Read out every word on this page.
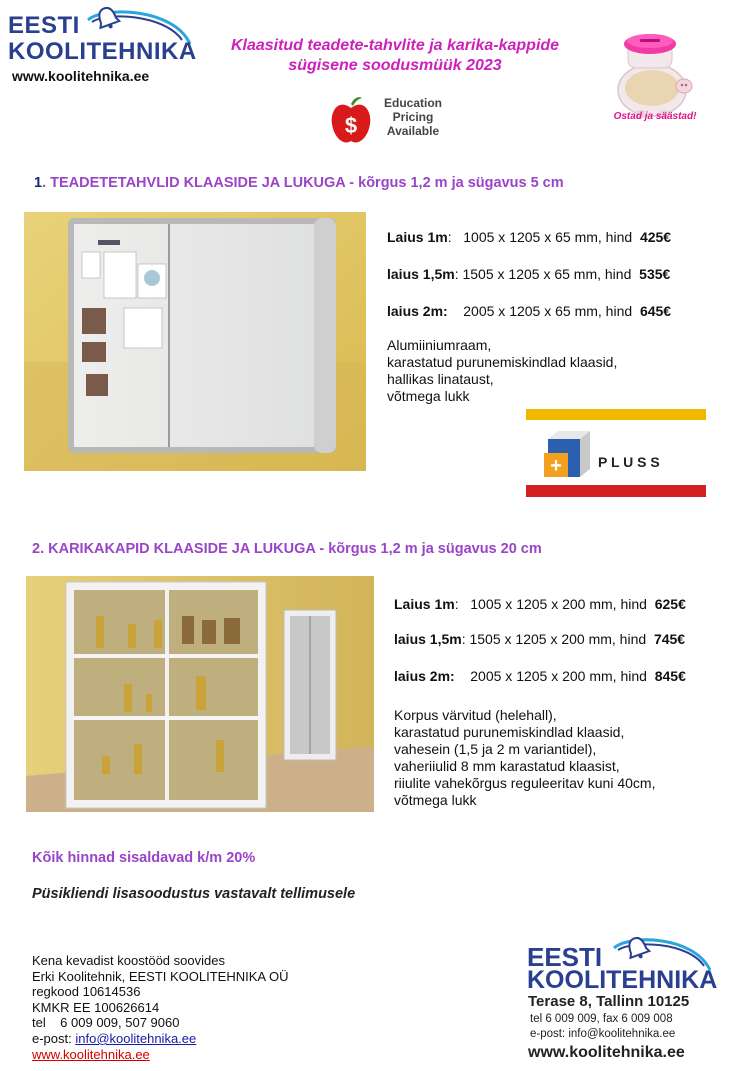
EESTI
KOOLITEHNIKA
www.koolitehnika.ee
Klaasitud teadete-tahvlite ja karika-kappide
sügisene soodusmüük 2023
Ostad ja säästad!
$
Education
Pricing
Available
1. TEADETETAHVLID KLAASIDE JA LUKUGA - kõrgus 1,2 m ja sügavus 5 cm
Laius 1m:   1005 x 1205 x 65 mm, hind  425€
laius 1,5m: 1505 x 1205 x 65 mm, hind  535€
laius 2m: 2005 x 1205 x 65 mm, hind  645€
Alumiiniumraam,
karastatud purunemiskindlad klaasid,
hallikas linataust,
võtmega lukk
+	P L U S S
2. KARIKAKAPID KLAASIDE JA LUKUGA - kõrgus 1,2 m ja sügavus 20 cm
Laius 1m:   1005 x 1205 x 200 mm, hind  625€
laius 1,5m: 1505 x 1205 x 200 mm, hind  745€
laius 2m: 2005 x 1205 x 200 mm, hind  845€
Korpus värvitud (helehall),
karastatud purunemiskindlad klaasid,
vahesein (1,5 ja 2 m variantidel),
vaheriiulid 8 mm karastatud klaasist,
riiulite vahekõrgus reguleeritav kuni 40cm,
võtmega lukk
Kõik hinnad sisaldavad k/m 20%
Püsikliendi lisasoodustus vastavalt tellimusele
Kena kevadist koostööd soovides
Erki Koolitehnik, EESTI KOOLITEHNIKA OÜ
regkood 10614536
KMKR EE 100626614
tel    6 009 009, 507 9060
e-post: info@koolitehnika.ee
www.koolitehnika.ee
EESTI
KOOLITEHNIKA
Terase 8, Tallinn 10125
tel 6 009 009, fax 6 009 008
e-post: info@koolitehnika.ee
www.koolitehnika.ee
